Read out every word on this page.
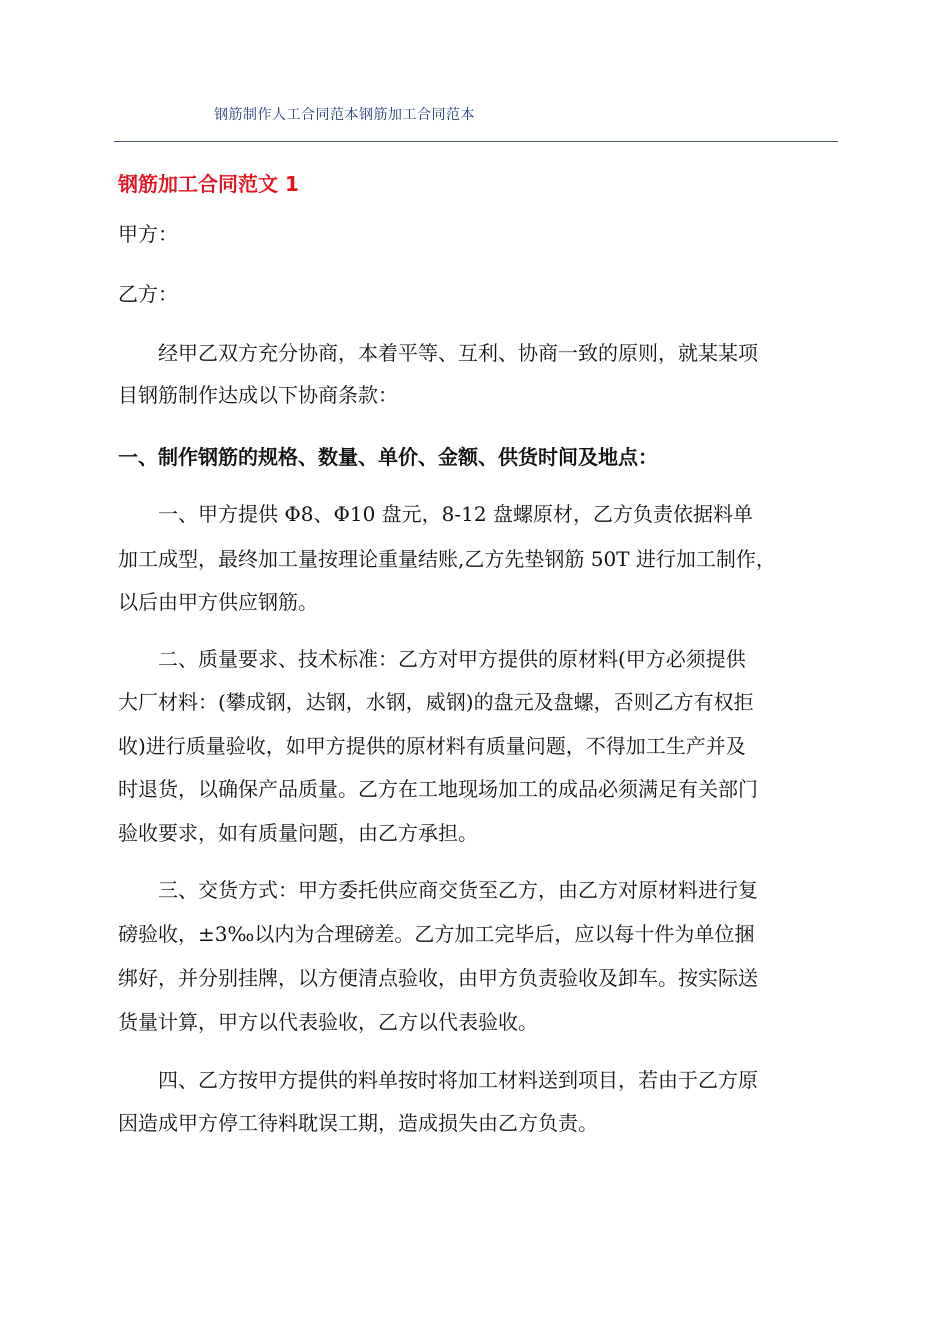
钢筋制作人工合同范本钢筋加工合同范本
钢筋加工合同范文 1
甲方：
乙方：
　　经甲乙双方充分协商，本着平等、互利、协商一致的原则，就某某项
目钢筋制作达成以下协商条款：
一、制作钢筋的规格、数量、单价、金额、供货时间及地点：
　　一、甲方提供 Φ8、Φ10 盘元，8-12 盘螺原材，乙方负责依据料单
加工成型，最终加工量按理论重量结账,乙方先垫钢筋 50T 进行加工制作，
以后由甲方供应钢筋。
　　二、质量要求、技术标准：乙方对甲方提供的原材料(甲方必须提供
大厂材料：(攀成钢，达钢，水钢，威钢)的盘元及盘螺，否则乙方有权拒
收)进行质量验收，如甲方提供的原材料有质量问题，不得加工生产并及
时退货，以确保产品质量。乙方在工地现场加工的成品必须满足有关部门
验收要求，如有质量问题，由乙方承担。
　　三、交货方式：甲方委托供应商交货至乙方，由乙方对原材料进行复
磅验收，±3‰以内为合理磅差。乙方加工完毕后，应以每十件为单位捆
绑好，并分别挂牌，以方便清点验收，由甲方负责验收及卸车。按实际送
货量计算，甲方以代表验收，乙方以代表验收。
　　四、乙方按甲方提供的料单按时将加工材料送到项目，若由于乙方原
因造成甲方停工待料耽误工期，造成损失由乙方负责。
